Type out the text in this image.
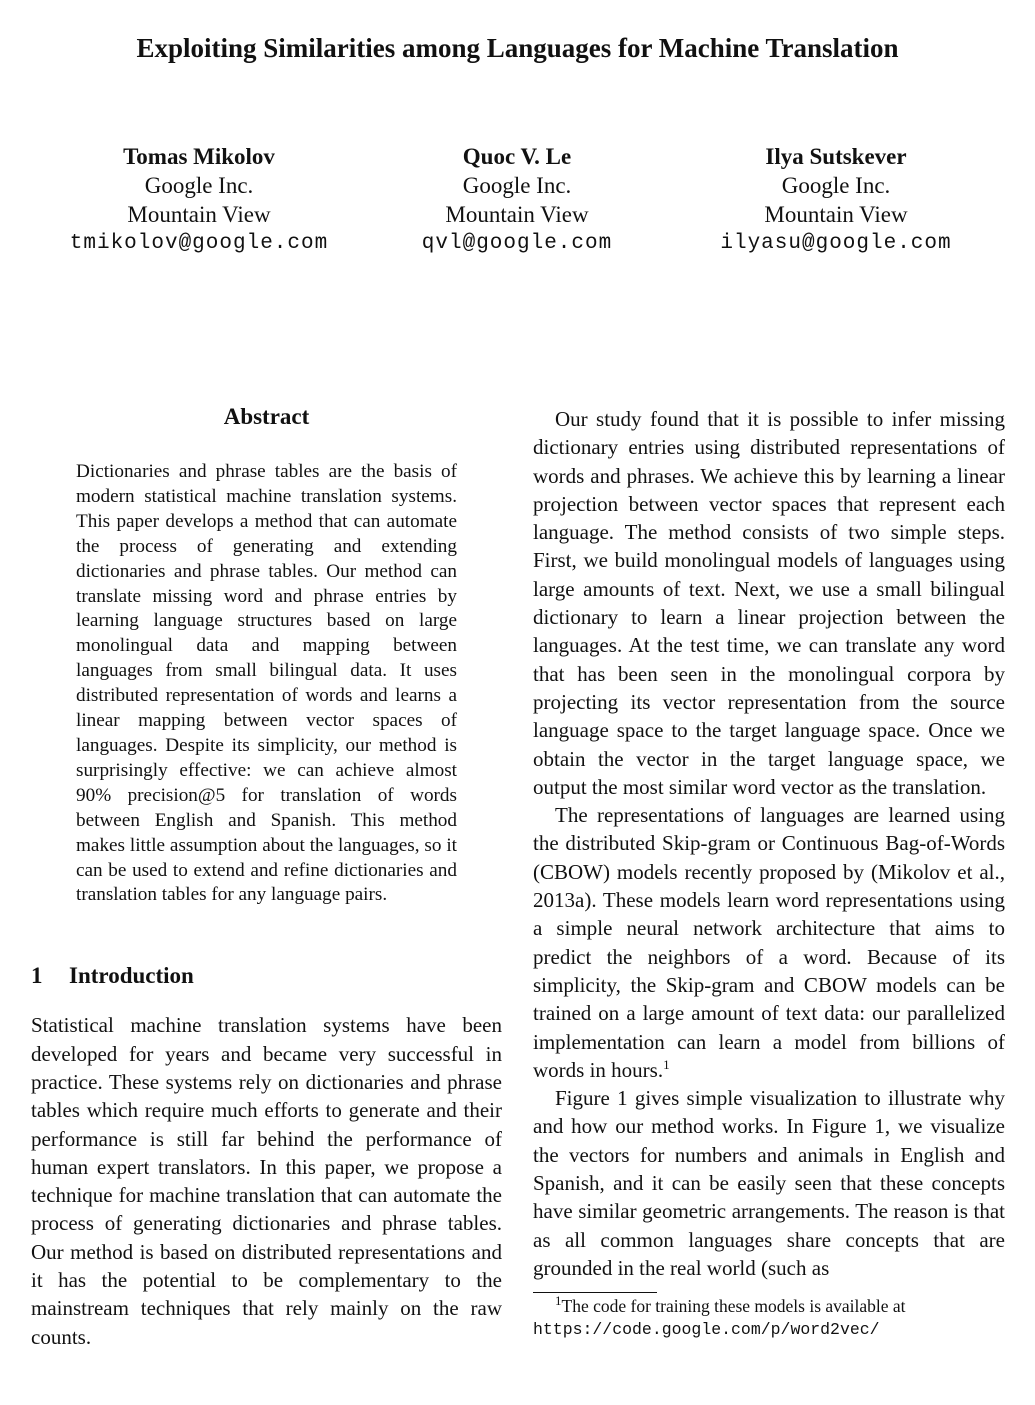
Exploiting Similarities among Languages for Machine Translation
Tomas Mikolov
Google Inc.
Mountain View
tmikolov@google.com
Quoc V. Le
Google Inc.
Mountain View
qvl@google.com
Ilya Sutskever
Google Inc.
Mountain View
ilyasu@google.com
Abstract

Dictionaries and phrase tables are the basis of modern statistical machine translation systems. This paper develops a method that can automate the process of generating and extending dictionaries and phrase tables. Our method can translate missing word and phrase entries by learning language structures based on large monolingual data and mapping between languages from small bilingual data. It uses distributed representation of words and learns a linear mapping between vector spaces of languages. Despite its simplicity, our method is surprisingly effective: we can achieve almost 90% precision@5 for translation of words between English and Spanish. This method makes little assumption about the languages, so it can be used to extend and refine dictionaries and translation tables for any language pairs.

1 Introduction

Statistical machine translation systems have been developed for years and became very successful in practice. These systems rely on dictionaries and phrase tables which require much efforts to generate and their performance is still far behind the performance of human expert translators. In this paper, we propose a technique for machine translation that can automate the process of generating dictionaries and phrase tables. Our method is based on distributed representations and it has the potential to be complementary to the mainstream techniques that rely mainly on the raw counts.

Our study found that it is possible to infer missing dictionary entries using distributed representations of words and phrases. We achieve this by learning a linear projection between vector spaces that represent each language. The method consists of two simple steps. First, we build monolingual models of languages using large amounts of text. Next, we use a small bilingual dictionary to learn a linear projection between the languages. At the test time, we can translate any word that has been seen in the monolingual corpora by projecting its vector representation from the source language space to the target language space. Once we obtain the vector in the target language space, we output the most similar word vector as the translation.

The representations of languages are learned using the distributed Skip-gram or Continuous Bag-of-Words (CBOW) models recently proposed by (Mikolov et al., 2013a). These models learn word representations using a simple neural network architecture that aims to predict the neighbors of a word. Because of its simplicity, the Skip-gram and CBOW models can be trained on a large amount of text data: our parallelized implementation can learn a model from billions of words in hours.$^1$

Figure 1 gives simple visualization to illustrate why and how our method works. In Figure 1, we visualize the vectors for numbers and animals in English and Spanish, and it can be easily seen that these concepts have similar geometric arrangements. The reason is that as all common languages share concepts that are grounded in the real world (such as

$^1$The code for training these models is available at
https://code.google.com/p/word2vec/
